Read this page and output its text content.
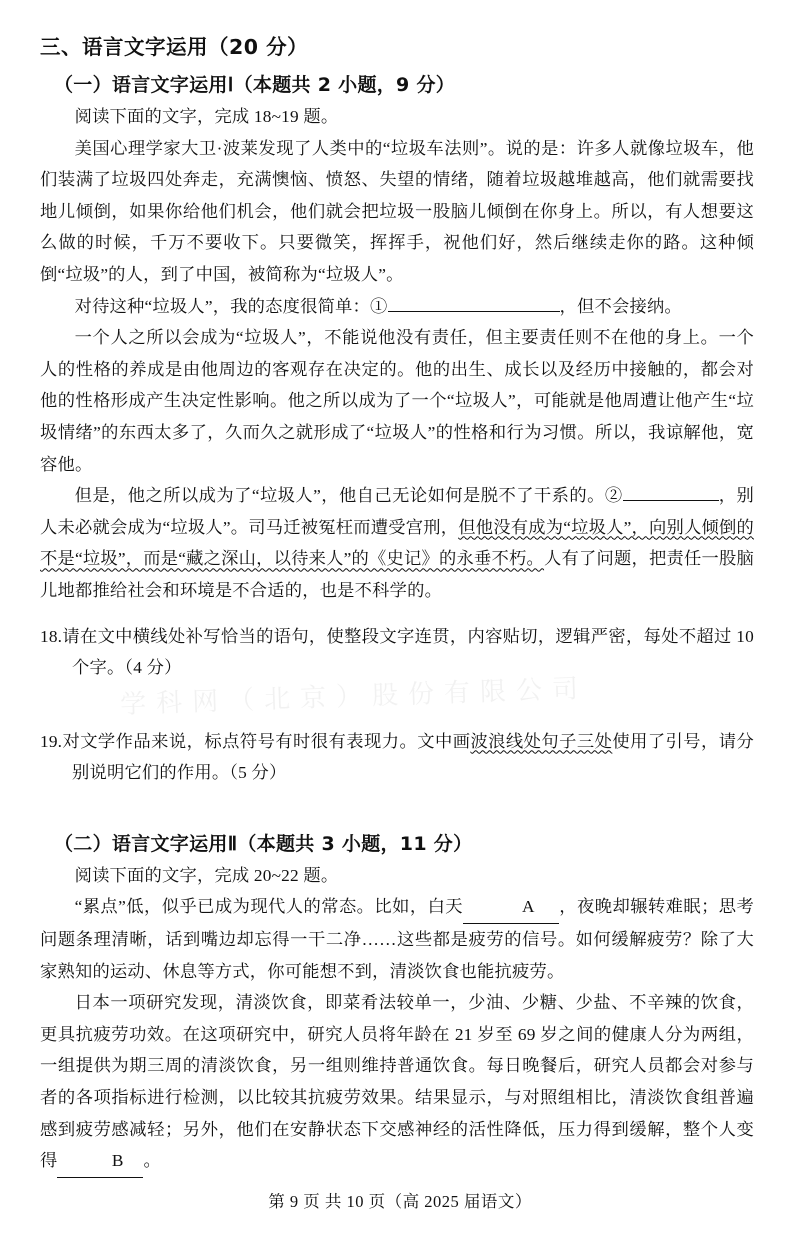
学科网（北京）股份有限公司
三、语言文字运用（20 分）
（一）语言文字运用Ⅰ（本题共 2 小题，9 分）

阅读下面的文字，完成 18~19 题。

美国心理学家大卫·波莱发现了人类中的“垃圾车法则”。说的是：许多人就像垃圾车，他们装满了垃圾四处奔走，充满懊恼、愤怒、失望的情绪，随着垃圾越堆越高，他们就需要找地儿倾倒，如果你给他们机会，他们就会把垃圾一股脑儿倾倒在你身上。所以，有人想要这么做的时候，千万不要收下。只要微笑，挥挥手，祝他们好，然后继续走你的路。这种倾倒“垃圾”的人，到了中国，被简称为“垃圾人”。

对待这种“垃圾人”，我的态度很简单：①	，但不会接纳。

一个人之所以会成为“垃圾人”，不能说他没有责任，但主要责任则不在他的身上。一个人的性格的养成是由他周边的客观存在决定的。他的出生、成长以及经历中接触的，都会对他的性格形成产生决定性影响。他之所以成为了一个“垃圾人”，可能就是他周遭让他产生“垃圾情绪”的东西太多了，久而久之就形成了“垃圾人”的性格和行为习惯。所以，我谅解他，宽容他。

但是，他之所以成为了“垃圾人”，他自己无论如何是脱不了干系的。②	，别人未必就会成为“垃圾人”。司马迁被冤枉而遭受宫刑，但他没有成为“垃圾人”，向别人倾倒的不是“垃圾”，而是“藏之深山，以待来人”的《史记》的永垂不朽。人有了问题，把责任一股脑儿地都推给社会和环境是不合适的，也是不科学的。

18.请在文中横线处补写恰当的语句，使整段文字连贯，内容贴切，逻辑严密，每处不超过 10 个字。（4 分）

19.对文学作品来说，标点符号有时很有表现力。文中画波浪线处句子三处使用了引号，请分别说明它们的作用。（5 分）

（二）语言文字运用Ⅱ（本题共 3 小题，11 分）

阅读下面的文字，完成 20~22 题。

“累点”低，似乎已成为现代人的常态。比如，白天	A ，夜晚却辗转难眠；思考问题条理清晰，话到嘴边却忘得一干二净……这些都是疲劳的信号。如何缓解疲劳？除了大家熟知的运动、休息等方式，你可能想不到，清淡饮食也能抗疲劳。

日本一项研究发现，清淡饮食，即菜肴法较单一，少油、少糖、少盐、不辛辣的饮食，更具抗疲劳功效。在这项研究中，研究人员将年龄在 21 岁至 69 岁之间的健康人分为两组，一组提供为期三周的清淡饮食，另一组则维持普通饮食。每日晚餐后，研究人员都会对参与者的各项指标进行检测，以比较其抗疲劳效果。结果显示，与对照组相比，清淡饮食组普遍感到疲劳感减轻；另外，他们在安静状态下交感神经的活性降低，压力得到缓解，整个人变得	B 。

第 9 页 共 10 页（高 2025 届语文）
